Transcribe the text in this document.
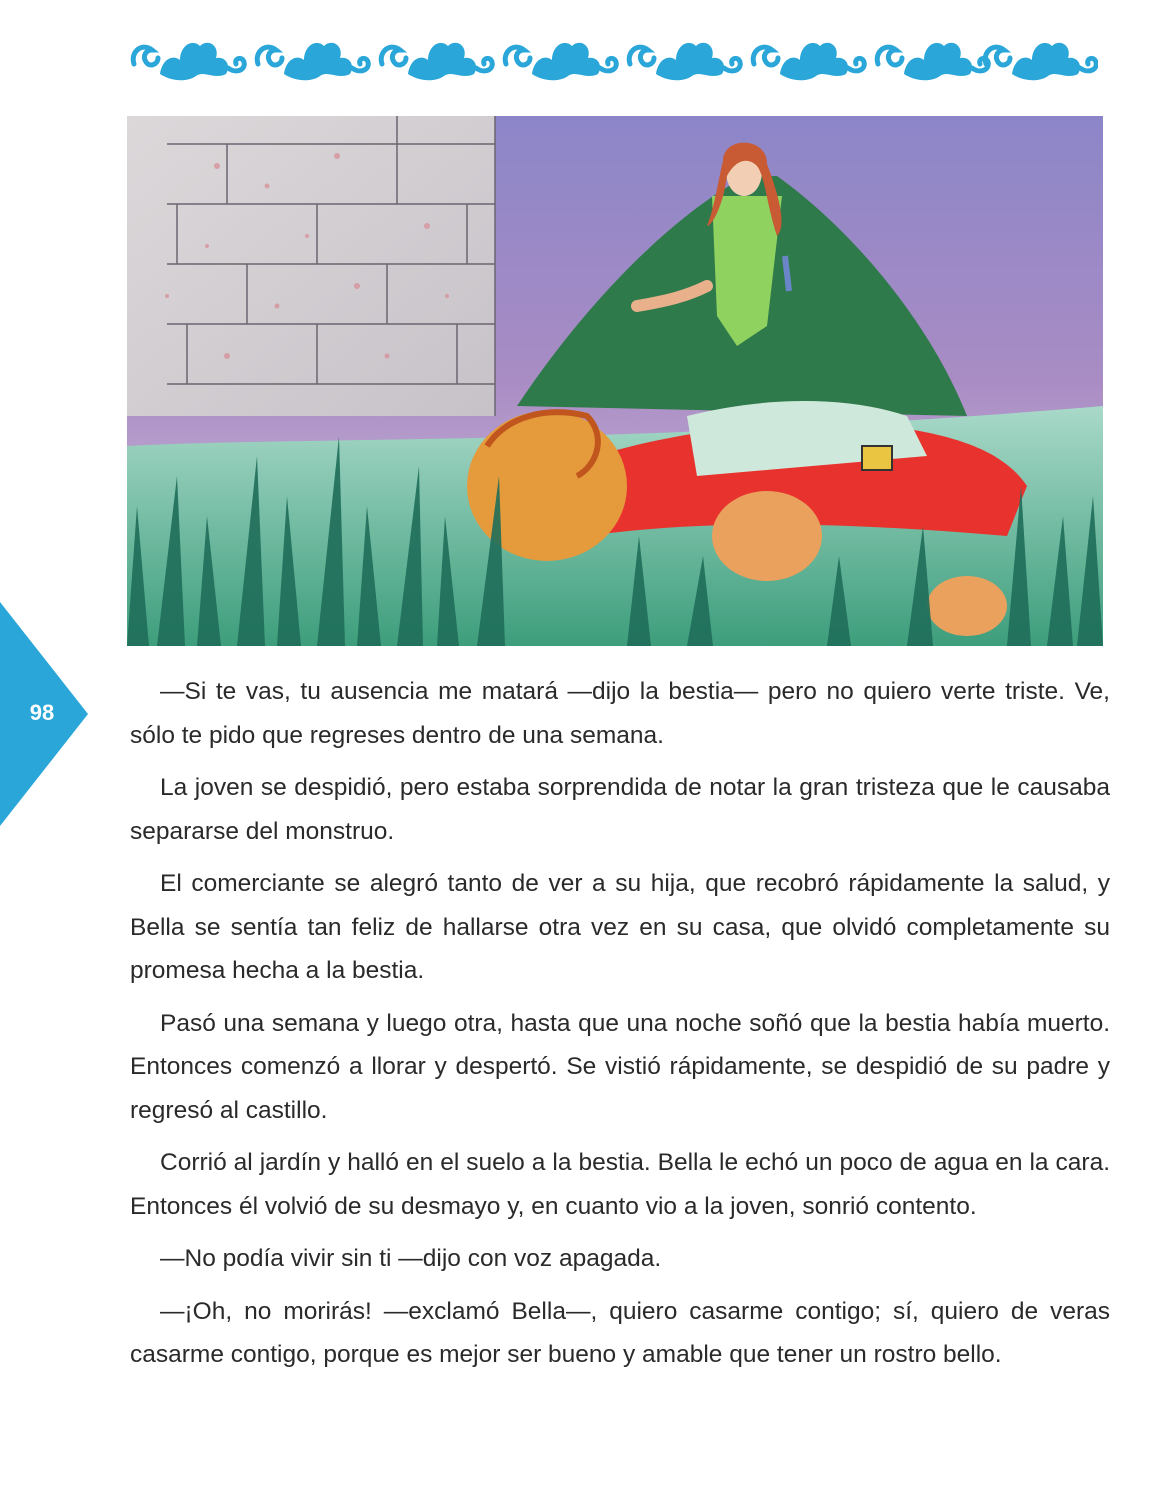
98

—Si te vas, tu ausencia me matará —dijo la bestia— pero no quiero verte triste. Ve, sólo te pido que regreses dentro de una semana.

La joven se despidió, pero estaba sorprendida de notar la gran tristeza que le causaba separarse del monstruo.

El comerciante se alegró tanto de ver a su hija, que recobró rápidamente la salud, y Bella se sentía tan feliz de hallarse otra vez en su casa, que olvidó completamente su promesa hecha a la bestia.

Pasó una semana y luego otra, hasta que una noche soñó que la bestia había muerto. Entonces comenzó a llorar y despertó. Se vistió rápidamente, se despidió de su padre y regresó al castillo.

Corrió al jardín y halló en el suelo a la bestia. Bella le echó un poco de agua en la cara. Entonces él volvió de su desmayo y, en cuanto vio a la joven, sonrió contento.

—No podía vivir sin ti —dijo con voz apagada.

—¡Oh, no morirás! —exclamó Bella—, quiero casarme contigo; sí, quiero de veras casarme contigo, porque es mejor ser bueno y amable que tener un rostro bello.
